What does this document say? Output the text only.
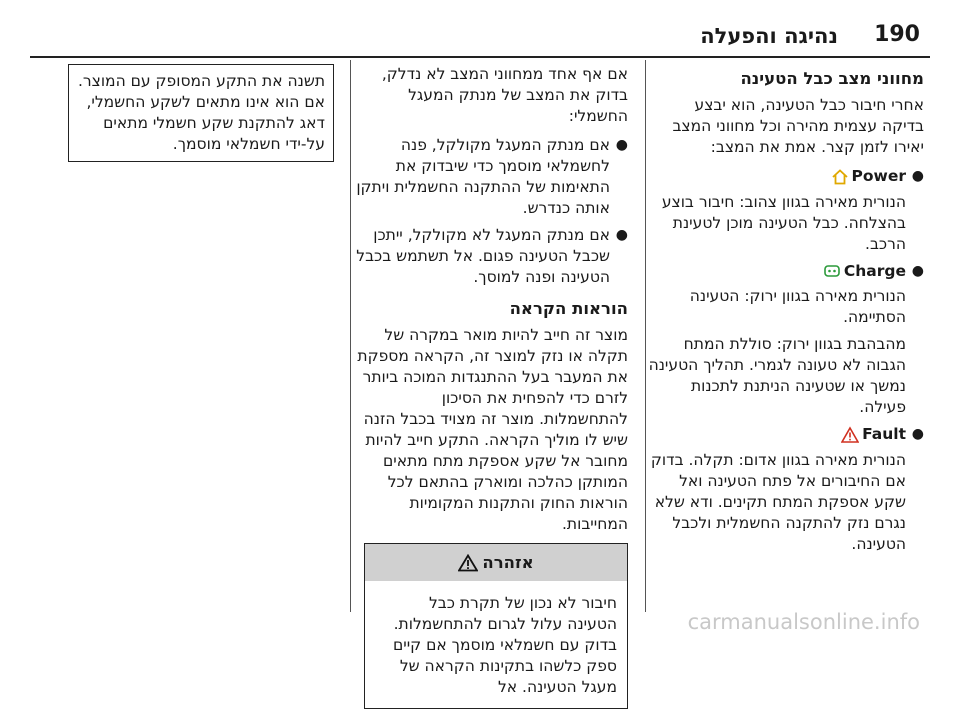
190
נהיגה והפעלה
מחווני מצב כבל הטעינה

אחרי חיבור כבל הטעינה, הוא יבצע בדיקה עצמית מהירה וכל מחווני המצב יאירו לזמן קצר. אמת את המצב:

●
Power
הנורית מאירה בגוון צהוב: חיבור בוצע בהצלחה. כבל הטעינה מוכן לטעינת הרכב.
●
Charge
הנורית מאירה בגוון ירוק: הטעינה הסתיימה.
מהבהבת בגוון ירוק: סוללת המתח הגבוה לא טעונה לגמרי. תהליך הטעינה נמשך או שטעינה הניתנת לתכנות פעילה.
●
Fault
הנורית מאירה בגוון אדום: תקלה. בדוק אם החיבורים אל פתח הטעינה ואל שקע אספקת המתח תקינים. ודא שלא נגרם נזק להתקנה החשמלית ולכבל הטעינה.

אם אף אחד ממחווני המצב לא נדלק, בדוק את המצב של מנתק המעגל החשמלי:

●
אם מנתק המעגל מקולקל, פנה לחשמלאי מוסמך כדי שיבדוק את התאימות של ההתקנה החשמלית ויתקן אותה כנדרש.
●
אם מנתק המעגל לא מקולקל, ייתכן שכבל הטעינה פגום. אל תשתמש בכבל הטעינה ופנה למוסך.
הוראות הקראה

מוצר זה חייב להיות מואר במקרה של תקלה או נזק למוצר זה, הקראה מספקת את המעבר בעל ההתנגדות המוכה ביותר לזרם כדי להפחית את הסיכון להתחשמלות. מוצר זה מצויד בכבל הזנה שיש לו מוליך הקראה. התקע חייב להיות מחובר אל שקע אספקת מתח מתאים המותקן כהלכה ומוארק בהתאם לכל הוראות החוק והתקנות המקומיות המחייבות.

אזהרה
חיבור לא נכון של תקרת כבל הטעינה עלול לגרום להתחשמלות. בדוק עם חשמלאי מוסמך אם קיים ספק כלשהו בתקינות הקראה של מעגל הטעינה. אל
תשנה את התקע המסופק עם המוצר. אם הוא אינו מתאים לשקע החשמלי, דאג להתקנת שקע חשמלי מתאים על-ידי חשמלאי מוסמך.
carmanualsonline.info
